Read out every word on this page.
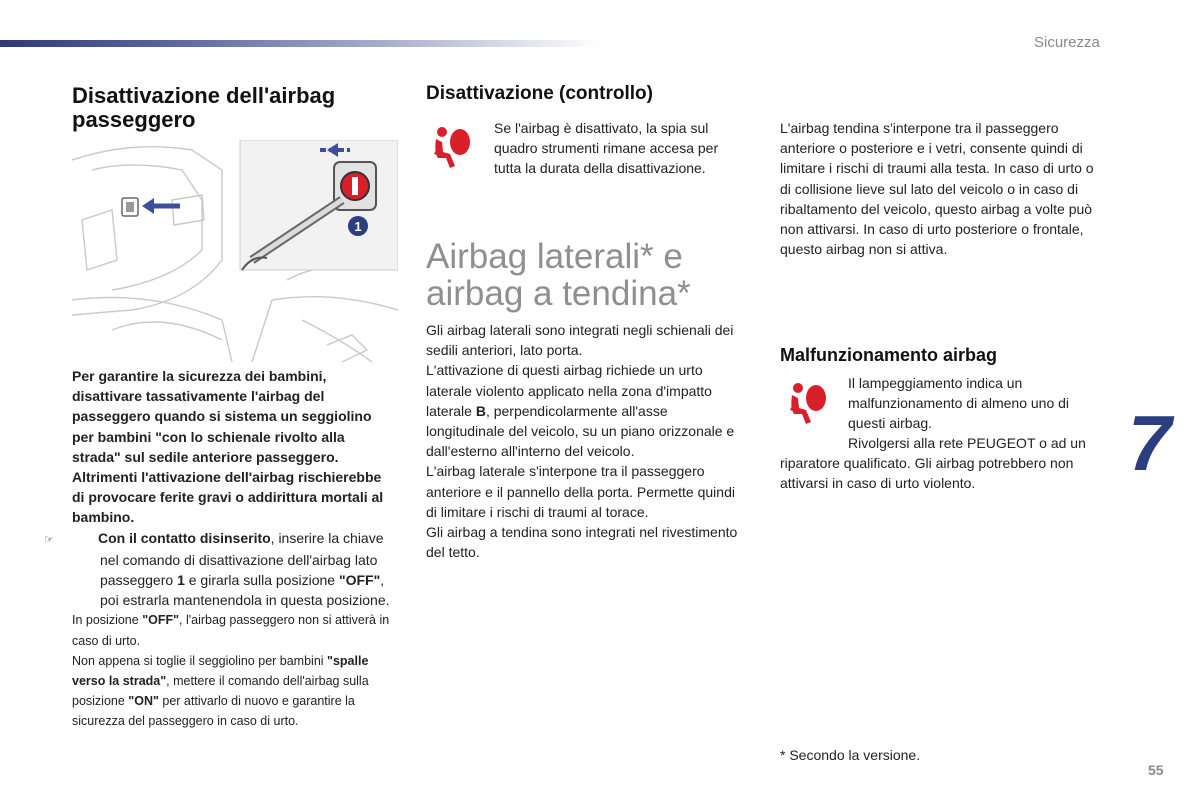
Sicurezza
7
55
Disattivazione dell'airbag passeggero
1

Per garantire la sicurezza dei bambini, disattivare tassativamente l'airbag del passeggero quando si sistema un seggiolino per bambini "con lo schienale rivolto alla strada" sul sedile anteriore passeggero. Altrimenti l'attivazione dell'airbag rischierebbe di provocare ferite gravi o addirittura mortali al bambino.

☞	Con il contatto disinserito, inserire la chiave nel comando di disattivazione dell'airbag lato passeggero 1 e girarla sulla posizione "OFF", poi estrarla mantenendola in questa posizione.

In posizione "OFF", l'airbag passeggero non si attiverà in caso di urto.

Non appena si toglie il seggiolino per bambini "spalle verso la strada", mettere il comando dell'airbag sulla posizione "ON" per attivarlo di nuovo e garantire la sicurezza del passeggero in caso di urto.

Disattivazione (controllo)
Se l'airbag è disattivato, la spia sul quadro strumenti rimane accesa per tutta la durata della disattivazione.
Airbag laterali* e
airbag a tendina*

Gli airbag laterali sono integrati negli schienali dei sedili anteriori, lato porta.

L'attivazione di questi airbag richiede un urto laterale violento applicato nella zona d'impatto laterale B, perpendicolarmente all'asse longitudinale del veicolo, su un piano orizzonale e dall'esterno all'interno del veicolo.

L'airbag laterale s'interpone tra il passeggero anteriore e il pannello della porta. Permette quindi di limitare i rischi di traumi al torace.

Gli airbag a tendina sono integrati nel rivestimento del tetto.

L'airbag tendina s'interpone tra il passeggero anteriore o posteriore e i vetri, consente quindi di limitare i rischi di traumi alla testa. In caso di urto o di collisione lieve sul lato del veicolo o in caso di ribaltamento del veicolo, questo airbag a volte può non attivarsi. In caso di urto posteriore o frontale, questo airbag non si attiva.
Malfunzionamento airbag
Il lampeggiamento indica un malfunzionamento di almeno uno di questi airbag.
Rivolgersi alla rete PEUGEOT o ad un riparatore qualificato. Gli airbag potrebbero non attivarsi in caso di urto violento.
* Secondo la versione.
